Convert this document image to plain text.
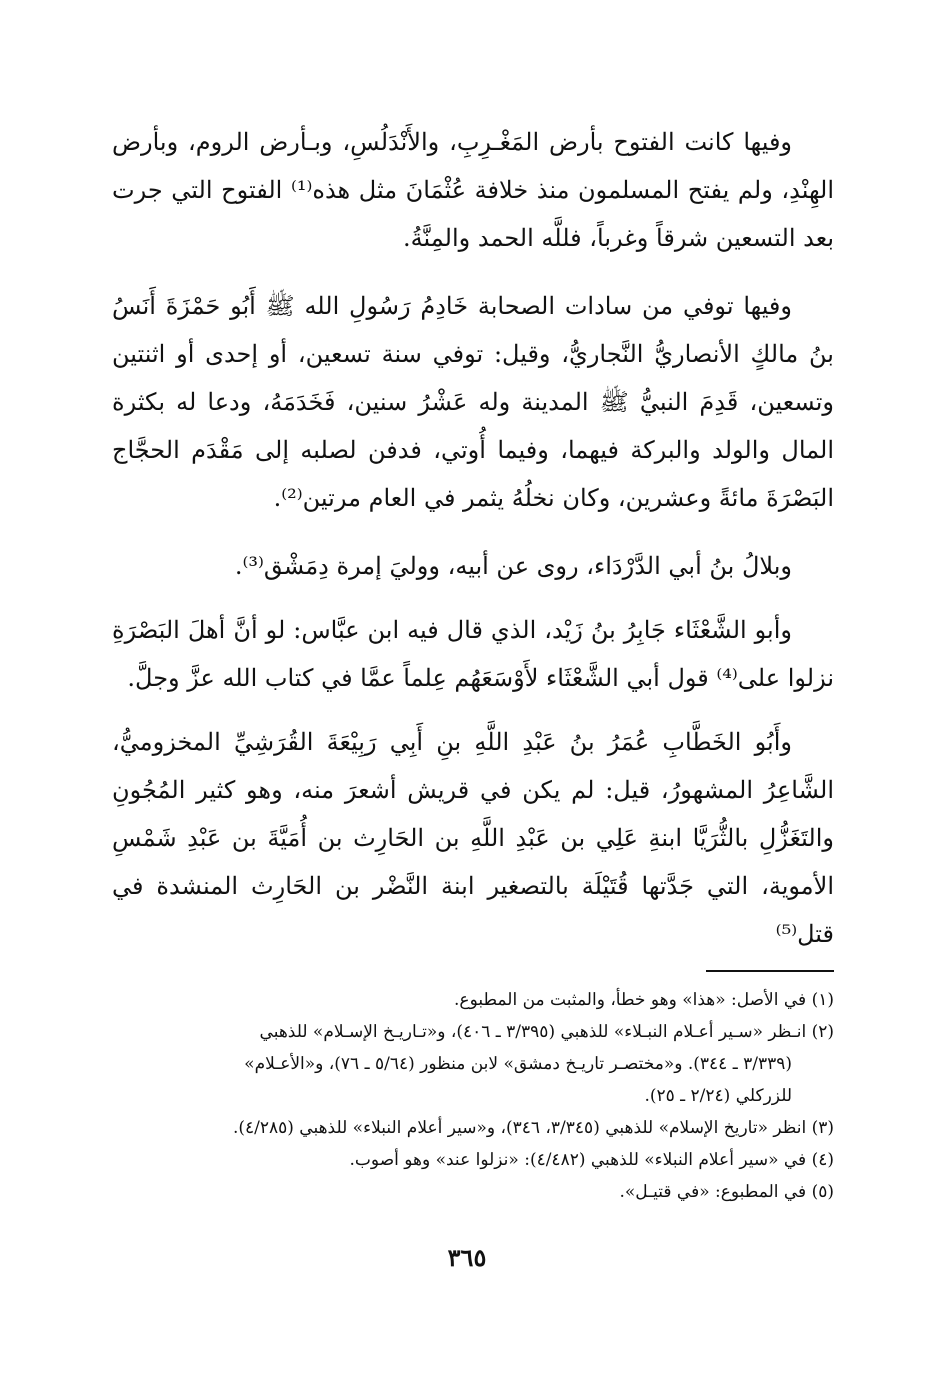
وفيها كانت الفتوح بأرض المَغْـرِبِ، والأَنْدَلُسِ، وبـأرض الروم، وبأرض الهِنْدِ، ولم يفتح المسلمون منذ خلافة عُثْمَانَ مثل هذه⁽¹⁾ الفتوح التي جرت بعد التسعين شرقاً وغرباً، فللَّه الحمد والمِنَّةُ.

وفيها توفي من سادات الصحابة خَادِمُ رَسُولِ الله ﷺ أَبُو حَمْزَةَ أَنَسُ بنُ مالكٍ الأنصاريُّ النَّجاريُّ، وقيل: توفي سنة تسعين، أو إحدى أو اثنتين وتسعين، قَدِمَ النبيُّ ﷺ المدينة وله عَشْرُ سنين، فَخَدَمَهُ، ودعا له بكثرة المال والولد والبركة فيهما، وفيما أُوتي، فدفن لصلبه إلى مَقْدَم الحجَّاج البَصْرَةَ مائةً وعشرين، وكان نخلُهُ يثمر في العام مرتين⁽²⁾.

وبلالُ بنُ أبي الدَّرْدَاء، روى عن أبيه، ووليَ إمرة دِمَشْق⁽³⁾.

وأبو الشَّعْثَاء جَابِرُ بنُ زَيْد، الذي قال فيه ابن عبَّاس: لو أنَّ أهلَ البَصْرَةِ نزلوا على⁽⁴⁾ قول أبي الشَّعْثَاء لأَوْسَعَهُم عِلماً عمَّا في كتاب الله عزَّ وجلَّ.

وأَبُو الخَطَّابِ عُمَرُ بنُ عَبْدِ اللَّهِ بنِ أَبِي رَبِيْعَةَ القُرَشِيِّ المخزوميُّ، الشَّاعِرُ المشهورُ، قيل: لم يكن في قريش أشعرَ منه، وهو كثير المُجُونِ والتَغَزُّلِ بالثُّرَيَّا ابنةِ عَلِي بن عَبْدِ اللَّهِ بن الحَارِث بن أُمَيَّةَ بن عَبْدِ شَمْسِ الأموية، التي جَدَّتها قُتَيْلَة بالتصغير ابنة النَّضْر بن الحَارِث المنشدة في قتل⁽⁵⁾

(١) في الأصل: «هذا» وهو خطأ، والمثبت من المطبوع.

(٢) انـظر «سـير أعـلام النبـلاء» للذهبي (٣/٣٩٥ ـ ٤٠٦)، و«تـاريـخ الإسـلام» للذهبي

(٣/٣٣٩ ـ ٣٤٤). و«مختصـر تاريـخ دمشق» لابن منظور (٥/٦٤ ـ ٧٦)، و«الأعـلام»

للزركلي (٢/٢٤ ـ ٢٥).

(٣) انظر «تاريخ الإسلام» للذهبي (٣/٣٤٥، ٣٤٦)، و«سير أعلام النبلاء» للذهبي (٤/٢٨٥).

(٤) في «سير أعلام النبلاء» للذهبي (٤/٤٨٢): «نزلوا عند» وهو أصوب.

(٥) في المطبوع: «في قتيـل».

٣٦٥
